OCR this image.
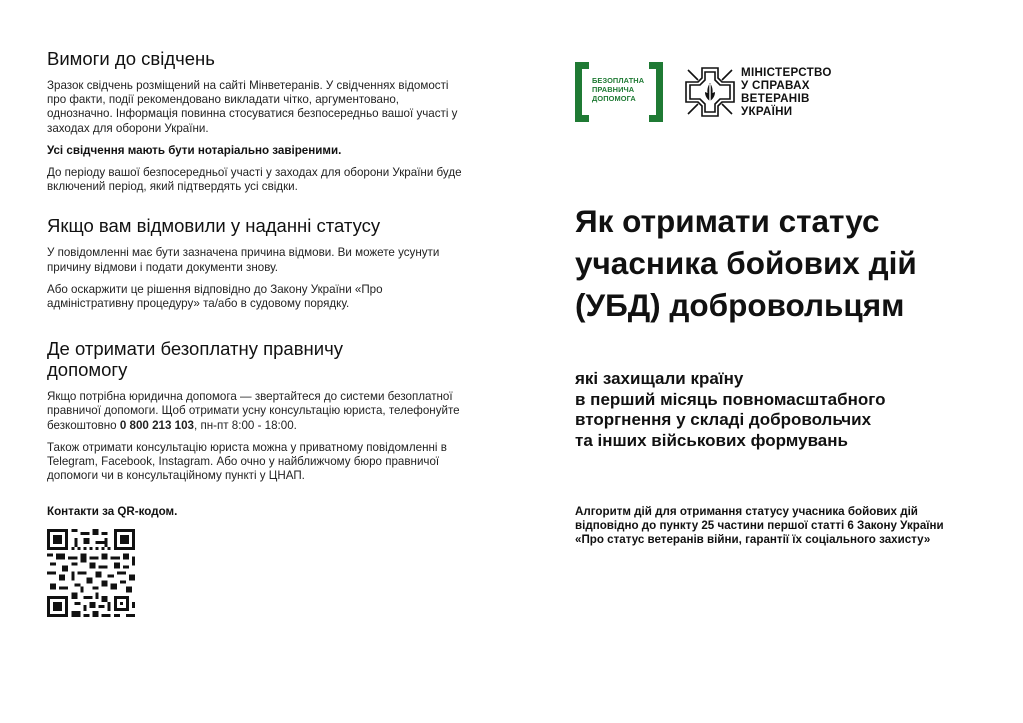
Вимоги до свідчень

Зразок свідчень розміщений на сайті Мінветеранів. У свідченнях відомості про факти, події рекомендовано викладати чітко, аргументовано, однозначно. Інформація повинна стосуватися безпосередньо вашої участі у заходах для оборони України.

Усі свідчення мають бути нотаріально завіреними.

До періоду вашої безпосередньої участі у заходах для оборони України буде включений період, який підтвердять усі свідки.

Якщо вам відмовили у наданні статусу

У повідомленні має бути зазначена причина відмови. Ви можете усунути причину відмови і подати документи знову.

Або оскаржити це рішення відповідно до Закону України «Про адміністративну процедуру» та/або в судовому порядку.

Де отримати безоплатну правничу допомогу

Якщо потрібна юридична допомога — звертайтеся до системи безоплатної правничої допомоги. Щоб отримати усну консультацію юриста, телефонуйте безкоштовно 0 800 213 103, пн-пт 8:00 - 18:00.

Також отримати консультацію юриста можна у приватному повідомленні в Telegram, Facebook, Instagram. Або очно у найближчому бюро правничої допомоги чи в консультаційному пункті у ЦНАП.

Контакти за QR-кодом.
БЕЗОПЛАТНА
ПРАВНИЧА
ДОПОМОГА
МІНІСТЕРСТВО
У СПРАВАХ
ВЕТЕРАНІВ
УКРАЇНИ
Як отримати статус
учасника бойових дій
(УБД) добровольцям
які захищали країну
в перший місяць повномасштабного
вторгнення у складі добровольчих
та інших військових формувань
Алгоритм дій для отримання статусу учасника бойових дій відповідно до пункту 25 частини першої статті 6 Закону України «Про статус ветеранів війни, гарантії їх соціального захисту»
